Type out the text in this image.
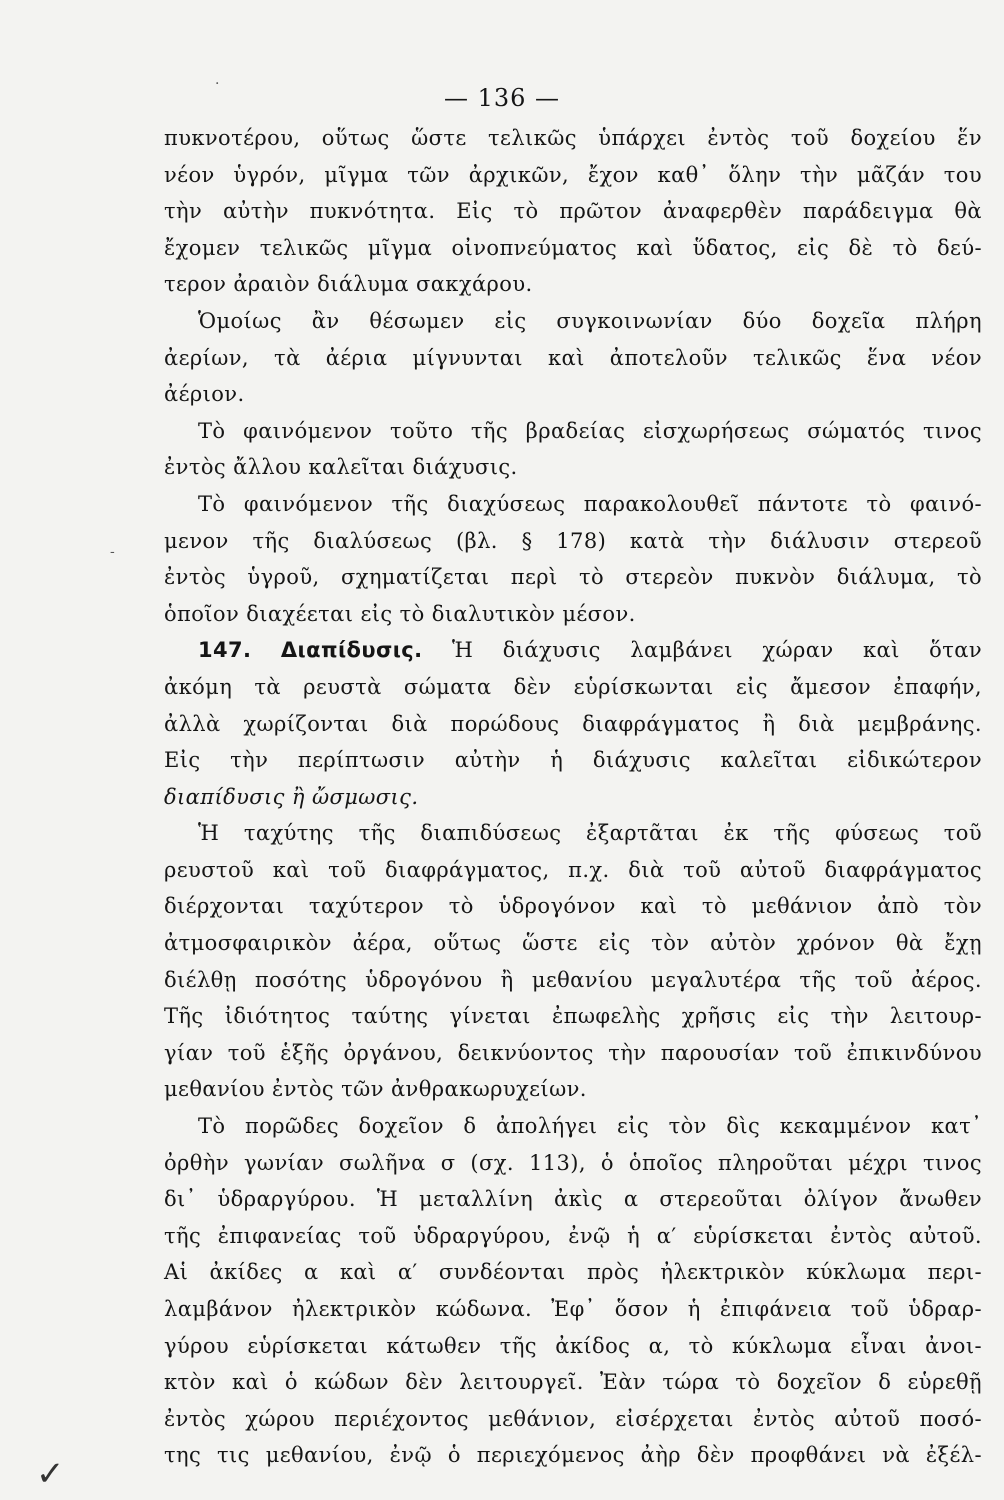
— 136 —
·
-
πυκνοτέρου, οὕτως ὥστε τελικῶς ὑπάρχει ἐντὸς τοῦ δοχείου ἕν
νέον ὑγρόν, μῖγμα τῶν ἀρχικῶν, ἔχον καθ᾽ ὅλην τὴν μᾶζάν του
τὴν αὐτὴν πυκνότητα. Εἰς τὸ πρῶτον ἀναφερθὲν παράδειγμα θὰ
ἔχομεν τελικῶς μῖγμα οἰνοπνεύματος καὶ ὕδατος, εἰς δὲ τὸ δεύ-
τερον ἀραιὸν διάλυμα σακχάρου.
Ὁμοίως ἂν θέσωμεν εἰς συγκοινωνίαν δύο δοχεῖα πλήρη
ἀερίων, τὰ ἀέρια μίγνυνται καὶ ἀποτελοῦν τελικῶς ἕνα νέον
ἀέριον.
Τὸ φαινόμενον τοῦτο τῆς βραδείας εἰσχωρήσεως σώματός τινος
ἐντὸς ἄλλου καλεῖται διάχυσις.
Τὸ φαινόμενον τῆς διαχύσεως παρακολουθεῖ πάντοτε τὸ φαινό-
μενον τῆς διαλύσεως (βλ. § 178) κατὰ τὴν διάλυσιν στερεοῦ
ἐντὸς ὑγροῦ, σχηματίζεται περὶ τὸ στερεὸν πυκνὸν διάλυμα, τὸ
ὁποῖον διαχέεται εἰς τὸ διαλυτικὸν μέσον.
147. Διαπίδυσις. Ἡ διάχυσις λαμβάνει χώραν καὶ ὅταν
ἀκόμη τὰ ρευστὰ σώματα δὲν εὑρίσκωνται εἰς ἄμεσον ἐπαφήν,
ἀλλὰ χωρίζονται διὰ πορώδους διαφράγματος ἢ διὰ μεμβράνης.
Εἰς τὴν περίπτωσιν αὐτὴν ἡ διάχυσις καλεῖται εἰδικώτερον
διαπίδυσις ἢ ὤσμωσις.
Ἡ ταχύτης τῆς διαπιδύσεως ἐξαρτᾶται ἐκ τῆς φύσεως τοῦ
ρευστοῦ καὶ τοῦ διαφράγματος, π.χ. διὰ τοῦ αὐτοῦ διαφράγματος
διέρχονται ταχύτερον τὸ ὑδρογόνον καὶ τὸ μεθάνιον ἀπὸ τὸν
ἀτμοσφαιρικὸν ἀέρα, οὕτως ὥστε εἰς τὸν αὐτὸν χρόνον θὰ ἔχῃ
διέλθῃ ποσότης ὑδρογόνου ἢ μεθανίου μεγαλυτέρα τῆς τοῦ ἀέρος.
Τῆς ἰδιότητος ταύτης γίνεται ἐπωφελὴς χρῆσις εἰς τὴν λειτουρ-
γίαν τοῦ ἑξῆς ὀργάνου, δεικνύοντος τὴν παρουσίαν τοῦ ἐπικινδύνου
μεθανίου ἐντὸς τῶν ἀνθρακωρυχείων.
Τὸ πορῶδες δοχεῖον δ ἀπολήγει εἰς τὸν δὶς κεκαμμένον κατ᾽
ὀρθὴν γωνίαν σωλῆνα σ (σχ. 113), ὁ ὁποῖος πληροῦται μέχρι τινος
δι᾽ ὑδραργύρου. Ἡ μεταλλίνη ἀκὶς α στερεοῦται ὀλίγον ἄνωθεν
τῆς ἐπιφανείας τοῦ ὑδραργύρου, ἐνῷ ἡ α′ εὑρίσκεται ἐντὸς αὐτοῦ.
Αἱ ἀκίδες α καὶ α′ συνδέονται πρὸς ἠλεκτρικὸν κύκλωμα περι-
λαμβάνον ἠλεκτρικὸν κώδωνα. Ἐφ᾽ ὅσον ἡ ἐπιφάνεια τοῦ ὑδραρ-
γύρου εὑρίσκεται κάτωθεν τῆς ἀκίδος α, τὸ κύκλωμα εἶναι ἀνοι-
κτὸν καὶ ὁ κώδων δὲν λειτουργεῖ. Ἐὰν τώρα τὸ δοχεῖον δ εὑρεθῇ
ἐντὸς χώρου περιέχοντος μεθάνιον, εἰσέρχεται ἐντὸς αὐτοῦ ποσό-
της τις μεθανίου, ἐνῷ ὁ περιεχόμενος ἀὴρ δὲν προφθάνει νὰ ἐξέλ-
✓
